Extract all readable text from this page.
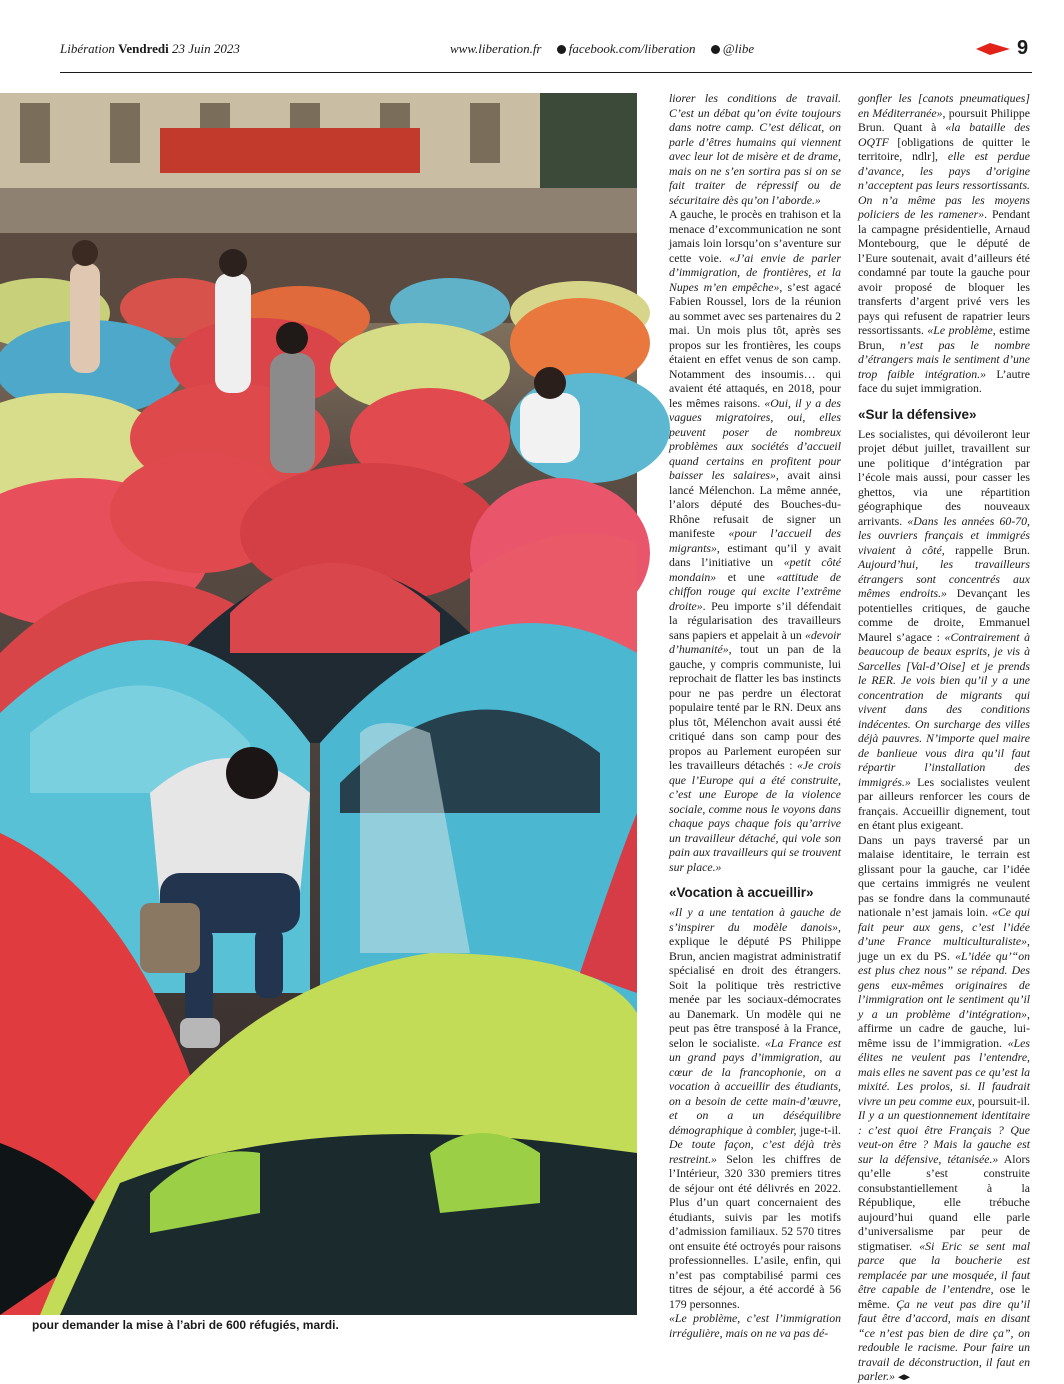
Libération Vendredi 23 Juin 2023	www.liberation.fr facebook.com/liberation @libe	9
pour demander la mise à l’abri de 600 réfugiés, mardi.

liorer les conditions de travail. C’est un débat qu’on évite toujours dans notre camp. C’est délicat, on parle d’êtres humains qui viennent avec leur lot de misère et de drame, mais on ne s’en sortira pas si on se fait traiter de répressif ou de sécuritaire dès qu’on l’aborde.»

A gauche, le procès en trahison et la menace d’excommunication ne sont jamais loin lorsqu’on s’aventure sur cette voie. «J’ai envie de parler d’immigration, de frontières, et la Nupes m’en empêche», s’est agacé Fabien Roussel, lors de la réunion au sommet avec ses partenaires du 2 mai. Un mois plus tôt, après ses propos sur les frontières, les coups étaient en effet venus de son camp. Notamment des insoumis… qui avaient été attaqués, en 2018, pour les mêmes raisons. «Oui, il y a des vagues migratoires, oui, elles peuvent poser de nombreux problèmes aux sociétés d’accueil quand certains en profitent pour baisser les salaires», avait ainsi lancé Mélenchon. La même année, l’alors député des Bouches-du-Rhône refusait de signer un manifeste «pour l’accueil des migrants», estimant qu’il y avait dans l’initiative un «petit côté mondain» et une «attitude de chiffon rouge qui excite l’extrême droite». Peu importe s’il défendait la régularisation des travailleurs sans papiers et appelait à un «devoir d’humanité», tout un pan de la gauche, y compris communiste, lui reprochait de flatter les bas instincts pour ne pas perdre un électorat populaire tenté par le RN. Deux ans plus tôt, Mélenchon avait aussi été critiqué dans son camp pour des propos au Parlement européen sur les travailleurs détachés : «Je crois que l’Europe qui a été construite, c’est une Europe de la violence sociale, comme nous le voyons dans chaque pays chaque fois qu’arrive un travailleur détaché, qui vole son pain aux travailleurs qui se trouvent sur place.»

«Vocation à accueillir»

«Il y a une tentation à gauche de s’inspirer du modèle danois», explique le député PS Philippe Brun, ancien magistrat administratif spécialisé en droit des étrangers. Soit la politique très restrictive menée par les sociaux-démocrates au Danemark. Un modèle qui ne peut pas être transposé à la France, selon le socialiste. «La France est un grand pays d’immigration, au cœur de la francophonie, on a vocation à accueillir des étudiants, on a besoin de cette main-d’œuvre, et on a un déséquilibre démographique à combler, juge-t-il. De toute façon, c’est déjà très restreint.» Selon les chiffres de l’Intérieur, 320 330 premiers titres de séjour ont été délivrés en 2022. Plus d’un quart concernaient des étudiants, suivis par les motifs d’admission familiaux. 52 570 titres ont ensuite été octroyés pour raisons professionnelles. L’asile, enfin, qui n’est pas comptabilisé parmi ces titres de séjour, a été accordé à 56 179 personnes.

«Le problème, c’est l’immigration irrégulière, mais on ne va pas dé-

gonfler les [canots pneumatiques] en Méditerranée», poursuit Philippe Brun. Quant à «la bataille des OQTF [obligations de quitter le territoire, ndlr], elle est perdue d’avance, les pays d’origine n’acceptent pas leurs ressortissants. On n’a même pas les moyens policiers de les ramener». Pendant la campagne présidentielle, Arnaud Montebourg, que le député de l’Eure soutenait, avait d’ailleurs été condamné par toute la gauche pour avoir proposé de bloquer les transferts d’argent privé vers les pays qui refusent de rapatrier leurs ressortissants. «Le problème, estime Brun, n’est pas le nombre d’étrangers mais le sentiment d’une trop faible intégration.» L’autre face du sujet immigration.

«Sur la défensive»

Les socialistes, qui dévoileront leur projet début juillet, travaillent sur une politique d’intégration par l’école mais aussi, pour casser les ghettos, via une répartition géographique des nouveaux arrivants. «Dans les années 60-70, les ouvriers français et immigrés vivaient à côté, rappelle Brun. Aujourd’hui, les travailleurs étrangers sont concentrés aux mêmes endroits.» Devançant les potentielles critiques, de gauche comme de droite, Emmanuel Maurel s’agace : «Contrairement à beaucoup de beaux esprits, je vis à Sarcelles [Val-d’Oise] et je prends le RER. Je vois bien qu’il y a une concentration de migrants qui vivent dans des conditions indécentes. On surcharge des villes déjà pauvres. N’importe quel maire de banlieue vous dira qu’il faut répartir l’installation des immigrés.» Les socialistes veulent par ailleurs renforcer les cours de français. Accueillir dignement, tout en étant plus exigeant.

Dans un pays traversé par un malaise identitaire, le terrain est glissant pour la gauche, car l’idée que certains immigrés ne veulent pas se fondre dans la communauté nationale n’est jamais loin. «Ce qui fait peur aux gens, c’est l’idée d’une France multiculturaliste», juge un ex du PS. «L’idée qu’“on est plus chez nous” se répand. Des gens eux-mêmes originaires de l’immigration ont le sentiment qu’il y a un problème d’intégration», affirme un cadre de gauche, lui-même issu de l’immigration. «Les élites ne veulent pas l’entendre, mais elles ne savent pas ce qu’est la mixité. Les prolos, si. Il faudrait vivre un peu comme eux, poursuit-il. Il y a un questionnement identitaire : c’est quoi être Français ? Que veut-on être ? Mais la gauche est sur la défensive, tétanisée.» Alors qu’elle s’est construite consubstantiellement à la République, elle trébuche aujourd’hui quand elle parle d’universalisme par peur de stigmatiser. «Si Eric se sent mal parce que la boucherie est remplacée par une mosquée, il faut être capable de l’entendre, ose le même. Ça ne veut pas dire qu’il faut être d’accord, mais en disant “ce n’est pas bien de dire ça”, on redouble le racisme. Pour faire un travail de déconstruction, il faut en parler.»
